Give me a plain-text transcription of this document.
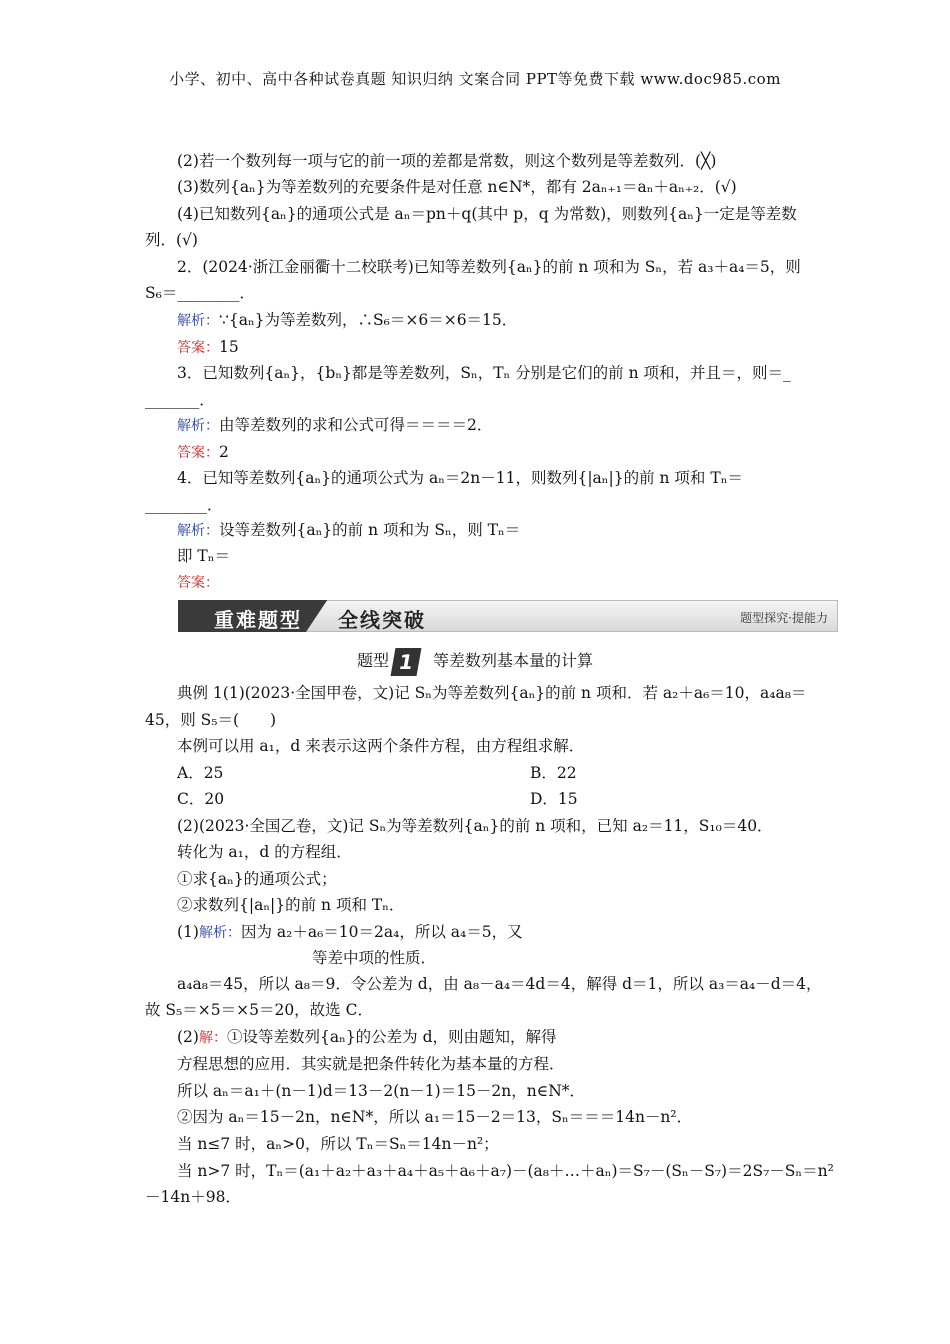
小学、初中、高中各种试卷真题 知识归纳 文案合同 PPT等免费下载 www.doc985.com
(2)若一个数列每一项与它的前一项的差都是常数，则这个数列是等差数列．(╳)
(3)数列{aₙ}为等差数列的充要条件是对任意 n∈N*，都有 2aₙ₊₁＝aₙ＋aₙ₊₂．(√)
(4)已知数列{aₙ}的通项公式是 aₙ＝pn＋q(其中 p，q 为常数)，则数列{aₙ}一定是等差数
列．(√)
2．(2024·浙江金丽衢十二校联考)已知等差数列{aₙ}的前 n 项和为 Sₙ，若 a₃＋a₄＝5，则
S₆＝________．
解析：∵{aₙ}为等差数列，∴S₆＝×6＝×6＝15．
答案：15
3．已知数列{aₙ}，{bₙ}都是等差数列，Sₙ，Tₙ 分别是它们的前 n 项和，并且＝，则＝_
_______．
解析：由等差数列的求和公式可得＝＝＝＝2．
答案：2
4．已知等差数列{aₙ}的通项公式为 aₙ＝2n－11，则数列{|aₙ|}的前 n 项和 Tₙ＝
________．
解析：设等差数列{aₙ}的前 n 项和为 Sₙ，则 Tₙ＝
即 Tₙ＝
答案：
重难题型 全线突破	题型探究·提能力
题型 1 等差数列基本量的计算
典例 1(1)(2023·全国甲卷，文)记 Sₙ为等差数列{aₙ}的前 n 项和．若 a₂＋a₆＝10，a₄a₈＝
45，则 S₅＝(　　)
本例可以用 a₁，d 来表示这两个条件方程，由方程组求解．
A．25	B．22
C．20	D．15
(2)(2023·全国乙卷，文)记 Sₙ为等差数列{aₙ}的前 n 项和，已知 a₂＝11，S₁₀＝40．
转化为 a₁，d 的方程组．
①求{aₙ}的通项公式；
②求数列{|aₙ|}的前 n 项和 Tₙ．
(1)解析：因为 a₂＋a₆＝10＝2a₄，所以 a₄＝5，又
等差中项的性质．
a₄a₈＝45，所以 a₈＝9．令公差为 d，由 a₈－a₄＝4d＝4，解得 d＝1，所以 a₃＝a₄－d＝4，
故 S₅＝×5＝×5＝20，故选 C．
(2)解：①设等差数列{aₙ}的公差为 d，则由题知，解得
方程思想的应用．其实就是把条件转化为基本量的方程．
所以 aₙ＝a₁＋(n－1)d＝13－2(n－1)＝15－2n，n∈N*．
②因为 aₙ＝15－2n，n∈N*，所以 a₁＝15－2＝13，Sₙ＝＝＝14n－n²．
当 n≤7 时，aₙ>0，所以 Tₙ＝Sₙ＝14n－n²；
当 n>7 时，Tₙ＝(a₁＋a₂＋a₃＋a₄＋a₅＋a₆＋a₇)－(a₈＋…＋aₙ)＝S₇－(Sₙ－S₇)＝2S₇－Sₙ＝n²
－14n＋98．
